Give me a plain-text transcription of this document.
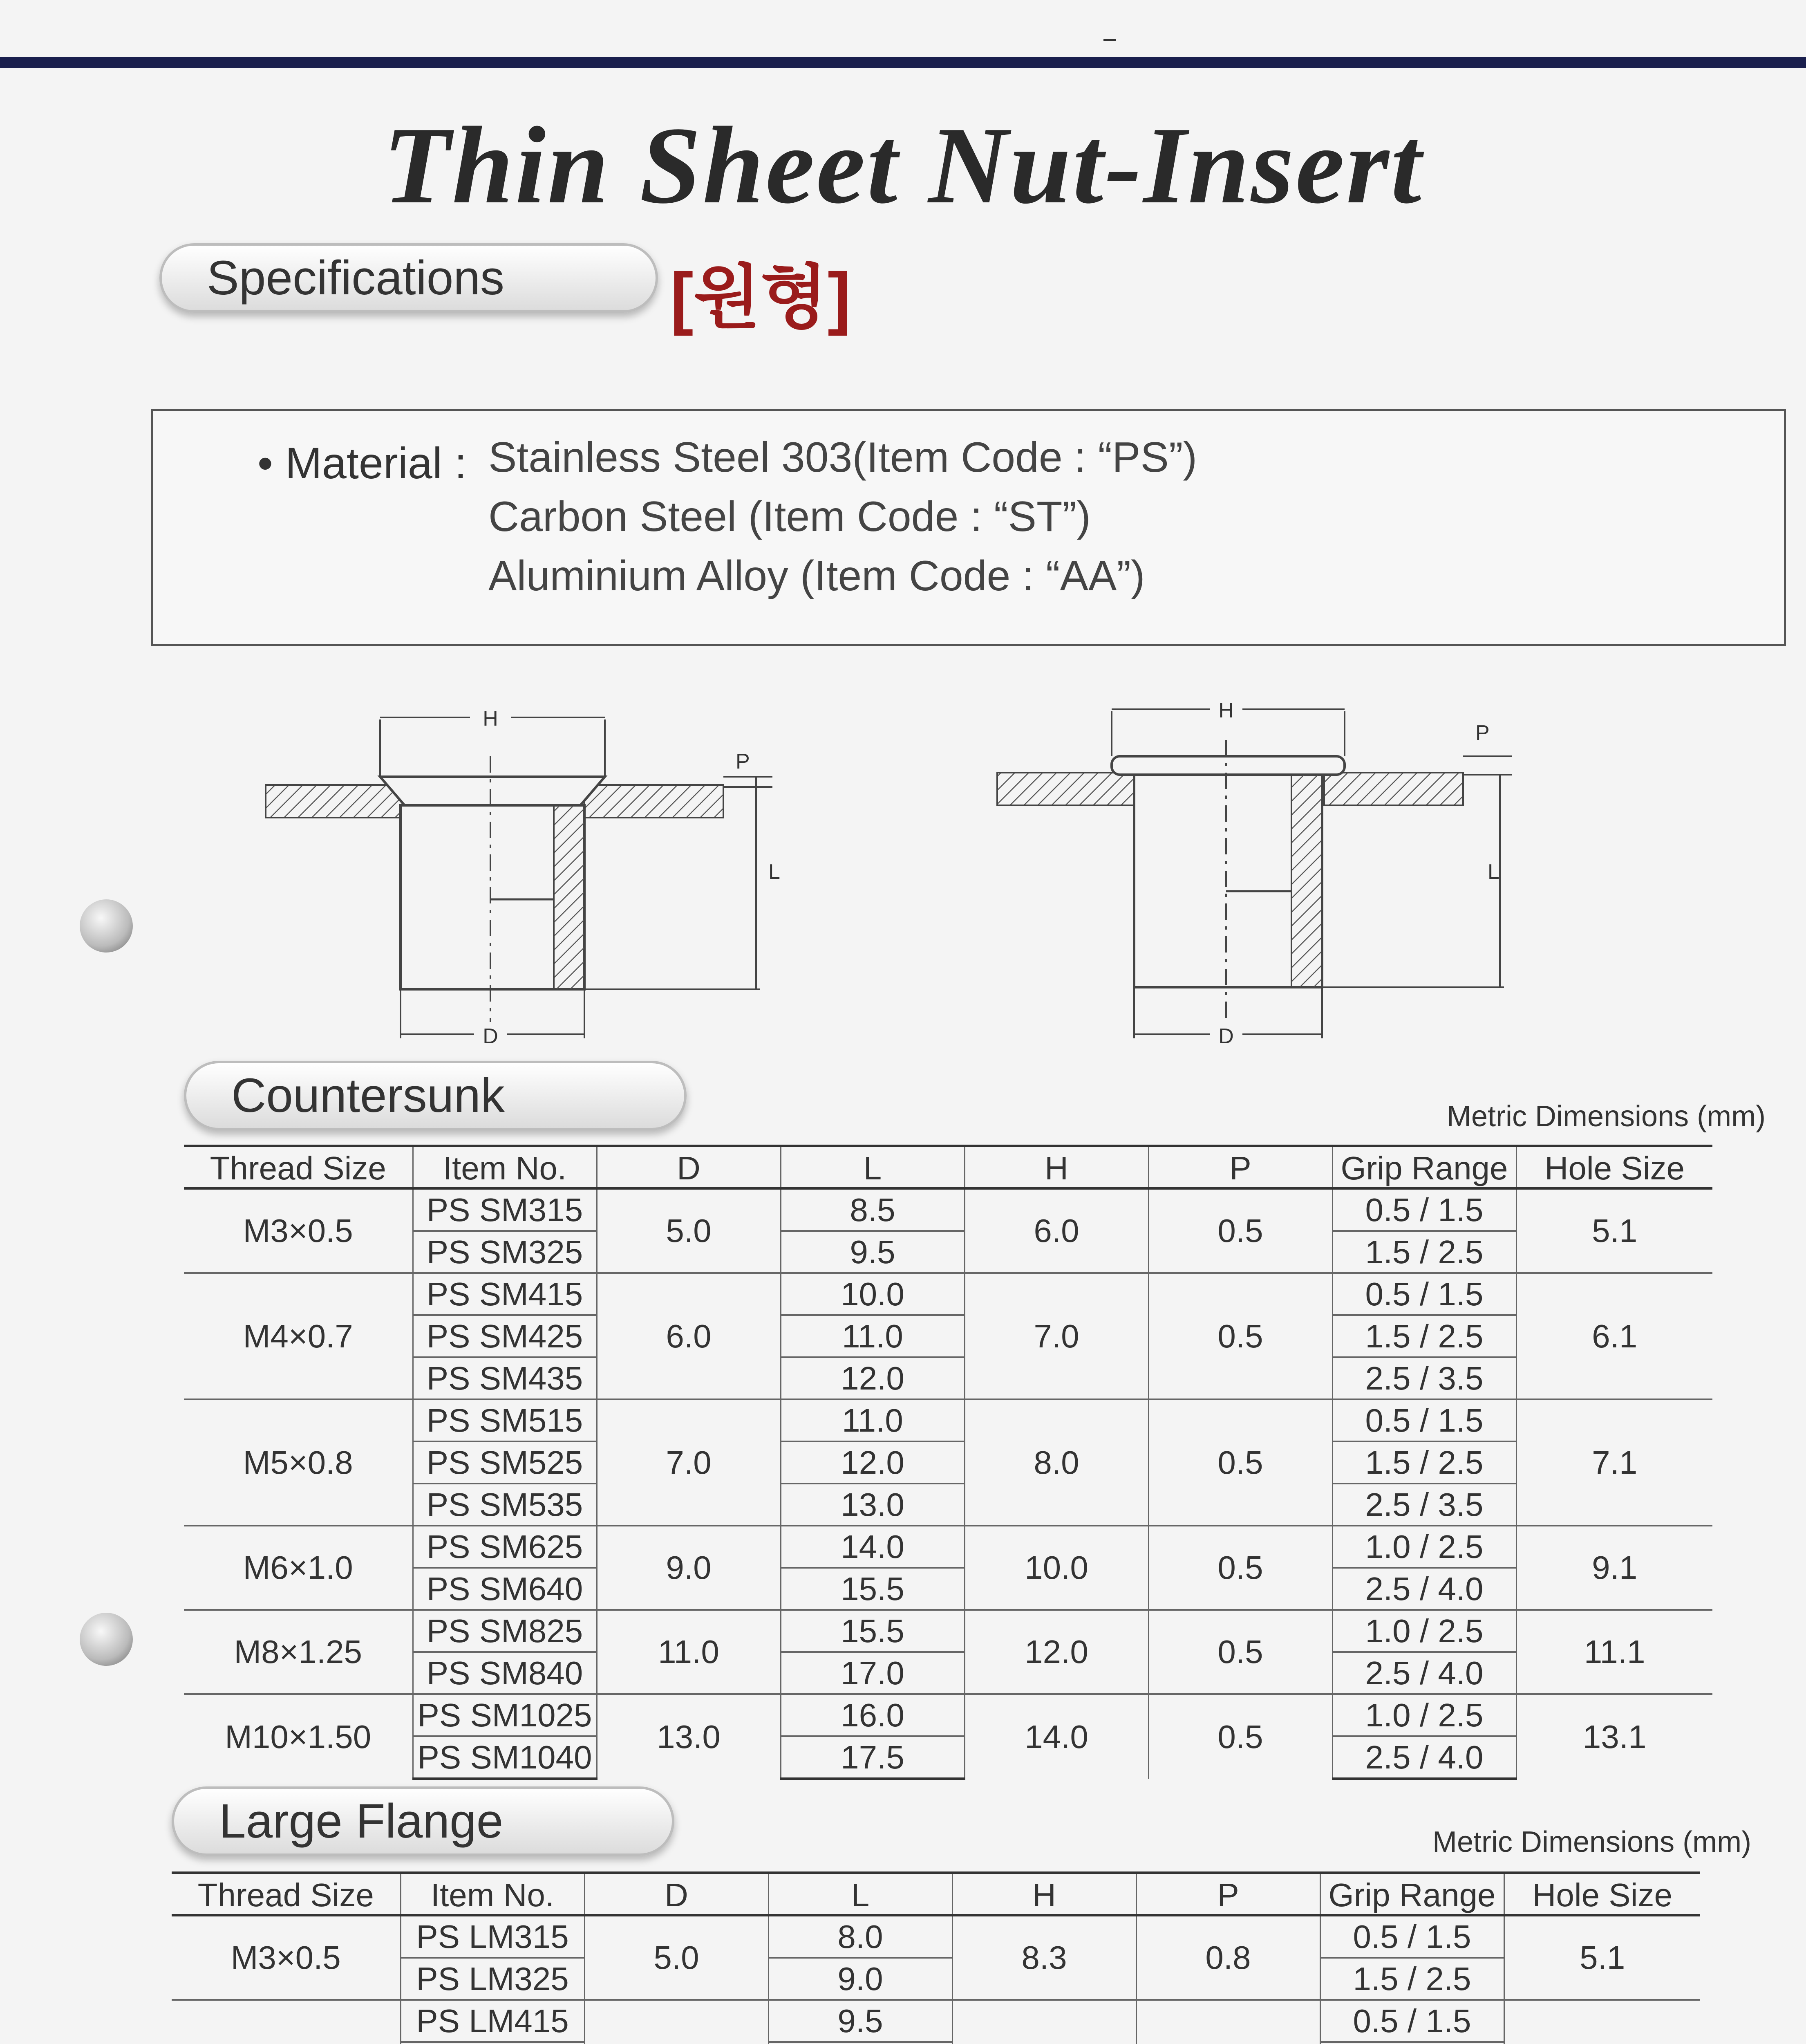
Thin Sheet Nut-Insert
Specifications [원형]
• Material : Stainless Steel 303(Item Code : “PS”)
Carbon Steel (Item Code : “ST”)
Aluminium Alloy (Item Code : “AA”)
H
D
L
P
H
D
L
P
Countersunk	Metric Dimensions (mm)
Thread Size	Item No.	D	L	H	P	Grip Range	Hole Size
M3×0.5	PS SM315	5.0	8.5	6.0	0.5	0.5 / 1.5	5.1
	PS SM325		9.5			1.5 / 2.5	
M4×0.7	PS SM415	6.0	10.0	7.0	0.5	0.5 / 1.5	6.1
	PS SM425		11.0			1.5 / 2.5	
	PS SM435		12.0			2.5 / 3.5	
M5×0.8	PS SM515	7.0	11.0	8.0	0.5	0.5 / 1.5	7.1
	PS SM525		12.0			1.5 / 2.5	
	PS SM535		13.0			2.5 / 3.5	
M6×1.0	PS SM625	9.0	14.0	10.0	0.5	1.0 / 2.5	9.1
	PS SM640		15.5			2.5 / 4.0	
M8×1.25	PS SM825	11.0	15.5	12.0	0.5	1.0 / 2.5	11.1
	PS SM840		17.0			2.5 / 4.0	
M10×1.50	PS SM1025	13.0	16.0	14.0	0.5	1.0 / 2.5	13.1
	PS SM1040		17.5			2.5 / 4.0	
Large Flange	Metric Dimensions (mm)
Thread Size	Item No.	D	L	H	P	Grip Range	Hole Size
M3×0.5	PS LM315	5.0	8.0	8.3	0.8	0.5 / 1.5	5.1
	PS LM325		9.0			1.5 / 2.5	
	PS LM415		9.5			0.5 / 1.5	
